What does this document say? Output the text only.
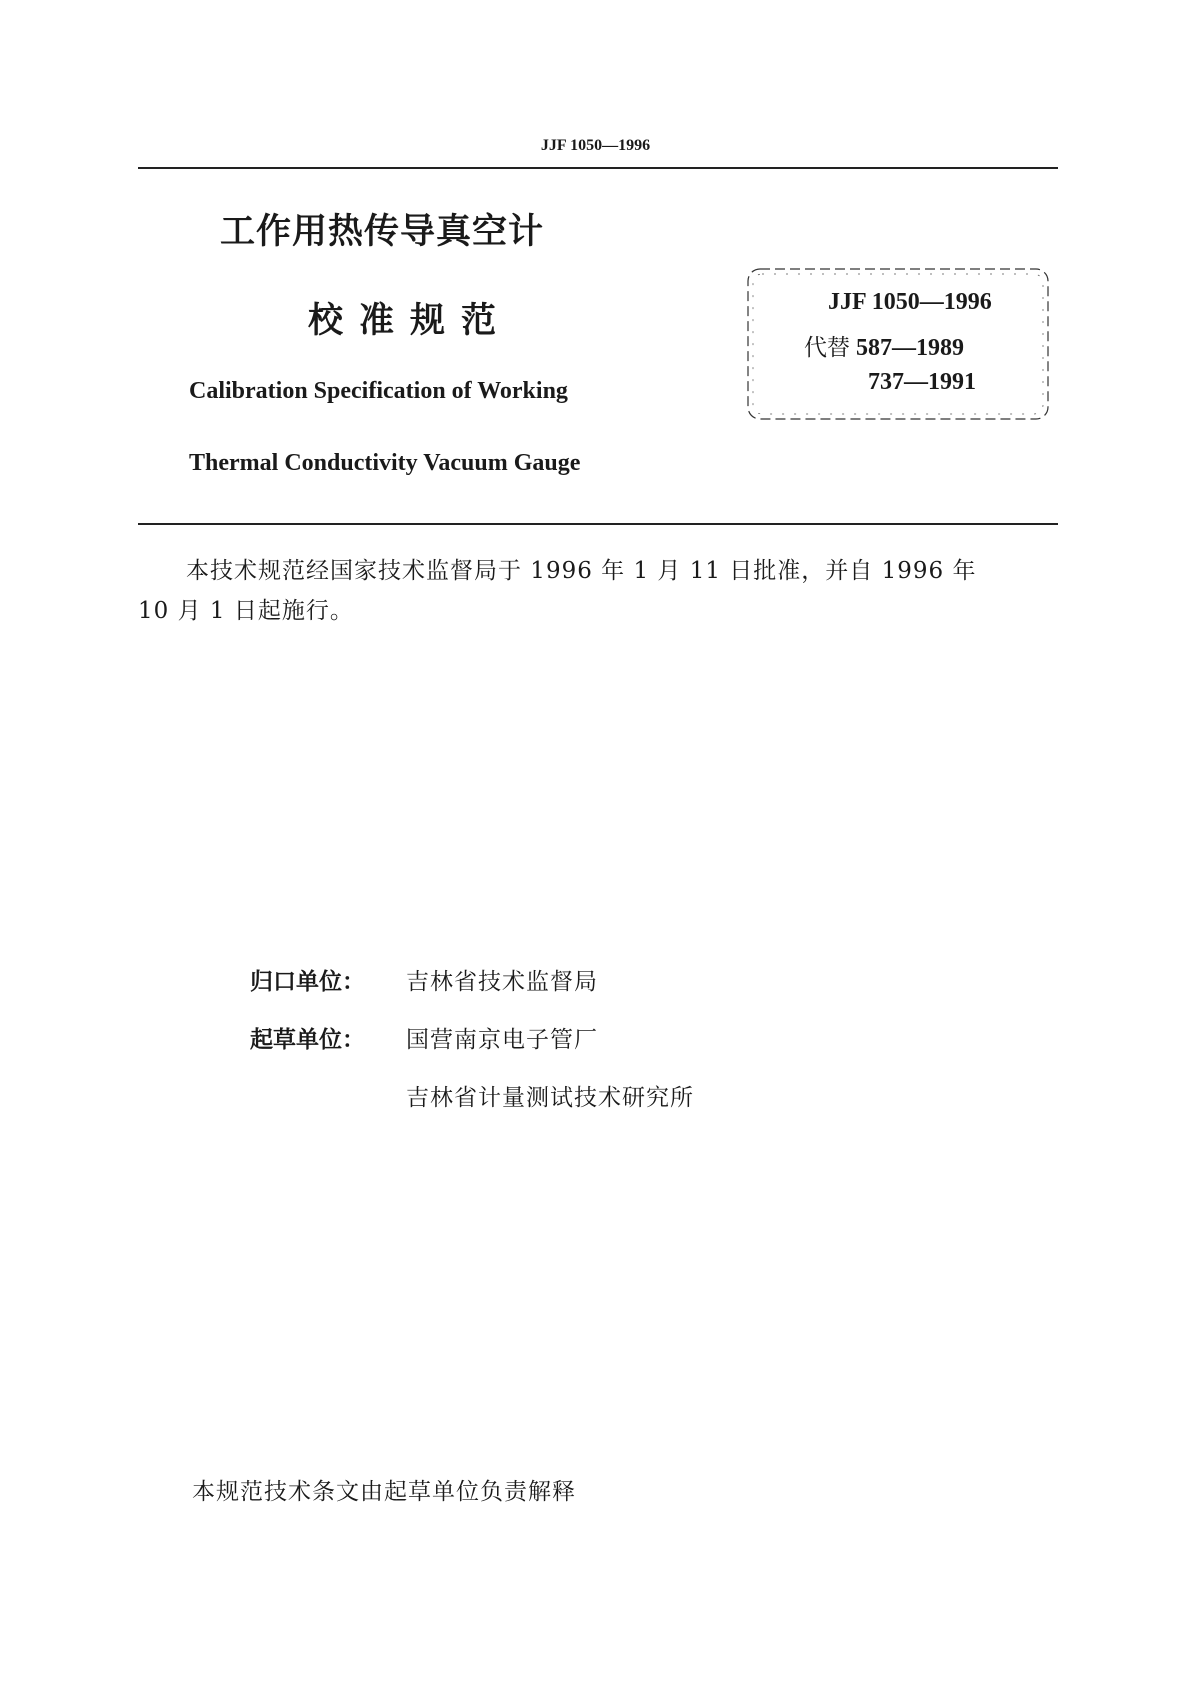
JJF 1050—1996
工作用热传导真空计
校准规范
Calibration Specification of Working
Thermal Conductivity Vacuum Gauge
JJF 1050—1996
代替 587—1989
737—1991
本技术规范经国家技术监督局于 1996 年 1 月 11 日批准，并自 1996 年
10 月 1 日起施行。
归口单位： 吉林省技术监督局
起草单位： 国营南京电子管厂
吉林省计量测试技术研究所
本规范技术条文由起草单位负责解释
